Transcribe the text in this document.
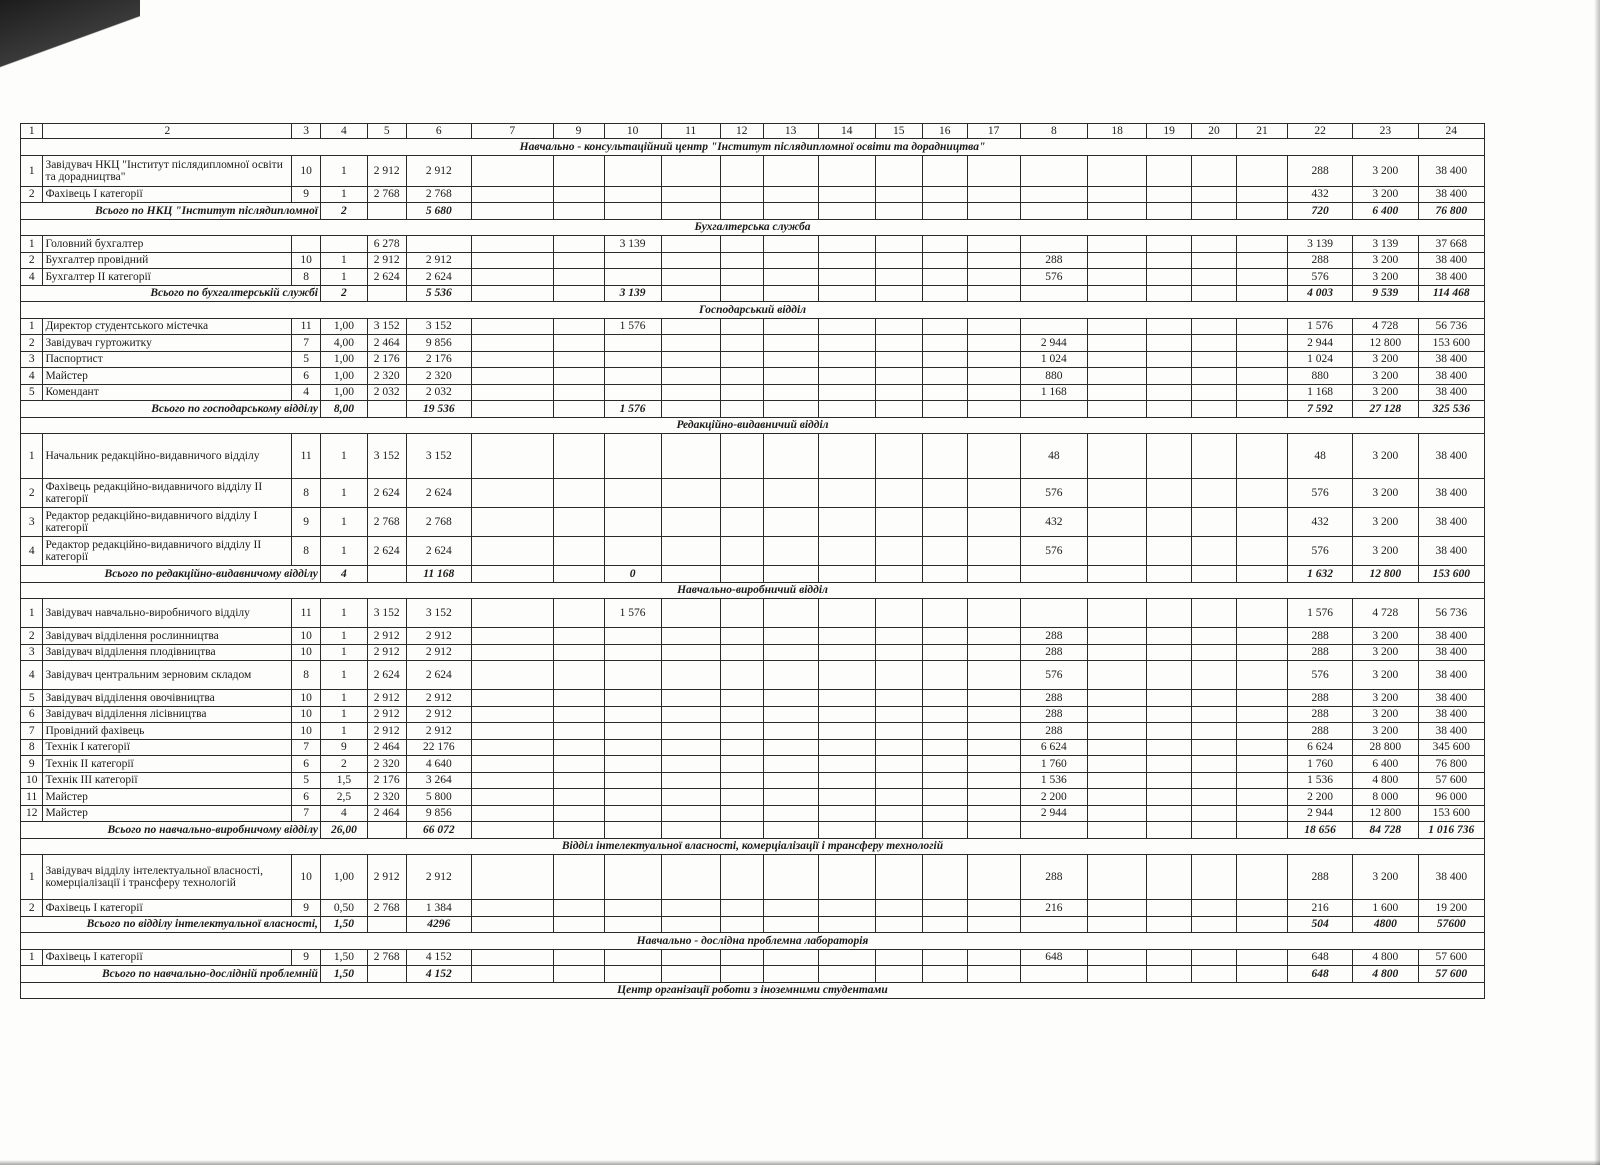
1	2	3	4	5	6	7	9	10	11	12	13	14	15	16	17	8	18	19	20	21	22	23	24
Навчально - консультаційний центр "Інститут післядипломної освіти та дорадництва"																							
1	Завідувач НКЦ "Інститут післядипломної освіти та дорадництва"	10	1	2 912	2 912																288	3 200	38 400
2	Фахівець І категорії	9	1	2 768	2 768																432	3 200	38 400
Всього по НКЦ "Інститут післядипломної			2		5 680																720	6 400	76 800
Бухгалтерська служба																							
1	Головний бухгалтер			6 278				3 139													3 139	3 139	37 668
2	Бухгалтер провідний	10	1	2 912	2 912											288					288	3 200	38 400
4	Бухгалтер ІІ категорії	8	1	2 624	2 624											576					576	3 200	38 400
Всього по бухгалтерській службі			2		5 536			3 139													4 003	9 539	114 468
Господарський відділ																							
1	Директор студентського містечка	11	1,00	3 152	3 152			1 576													1 576	4 728	56 736
2	Завідувач гуртожитку	7	4,00	2 464	9 856											2 944					2 944	12 800	153 600
3	Паспортист	5	1,00	2 176	2 176											1 024					1 024	3 200	38 400
4	Майстер	6	1,00	2 320	2 320											880					880	3 200	38 400
5	Комендант	4	1,00	2 032	2 032											1 168					1 168	3 200	38 400
Всього по господарському відділу			8,00		19 536			1 576													7 592	27 128	325 536
Редакційно-видавничий відділ																							
1	Начальник редакційно-видавничого відділу	11	1	3 152	3 152											48					48	3 200	38 400
2	Фахівець редакційно-видавничого відділу ІІ категорії	8	1	2 624	2 624											576					576	3 200	38 400
3	Редактор редакційно-видавничого відділу І категорії	9	1	2 768	2 768											432					432	3 200	38 400
4	Редактор редакційно-видавничого відділу ІІ категорії	8	1	2 624	2 624											576					576	3 200	38 400
Всього по редакційно-видавничому відділу			4		11 168			0													1 632	12 800	153 600
Навчально-виробничий відділ																							
1	Завідувач навчально-виробничого відділу	11	1	3 152	3 152			1 576													1 576	4 728	56 736
2	Завідувач відділення рослинництва	10	1	2 912	2 912											288					288	3 200	38 400
3	Завідувач відділення плодівництва	10	1	2 912	2 912											288					288	3 200	38 400
4	Завідувач центральним зерновим складом	8	1	2 624	2 624											576					576	3 200	38 400
5	Завідувач відділення овочівництва	10	1	2 912	2 912											288					288	3 200	38 400
6	Завідувач відділення лісівництва	10	1	2 912	2 912											288					288	3 200	38 400
7	Провідний фахівець	10	1	2 912	2 912											288					288	3 200	38 400
8	Технік І категорії	7	9	2 464	22 176											6 624					6 624	28 800	345 600
9	Технік ІІ категорії	6	2	2 320	4 640											1 760					1 760	6 400	76 800
10	Технік ІІІ категорії	5	1,5	2 176	3 264											1 536					1 536	4 800	57 600
11	Майстер	6	2,5	2 320	5 800											2 200					2 200	8 000	96 000
12	Майстер	7	4	2 464	9 856											2 944					2 944	12 800	153 600
Всього по навчально-виробничому відділу			26,00		66 072																18 656	84 728	1 016 736
Відділ інтелектуальної власності, комерціалізації і трансферу технологій																							
1	Завідувач відділу інтелектуальної власності, комерціалізації і трансферу технологій	10	1,00	2 912	2 912											288					288	3 200	38 400
2	Фахівець І категорії	9	0,50	2 768	1 384											216					216	1 600	19 200
Всього по відділу інтелектуальної власності,			1,50		4296																504	4800	57600
Навчально - дослідна проблемна лабораторія																							
1	Фахівець І категорії	9	1,50	2 768	4 152											648					648	4 800	57 600
Всього по навчально-дослідній проблемній			1,50		4 152																648	4 800	57 600
Центр організації роботи з іноземними студентами																							
